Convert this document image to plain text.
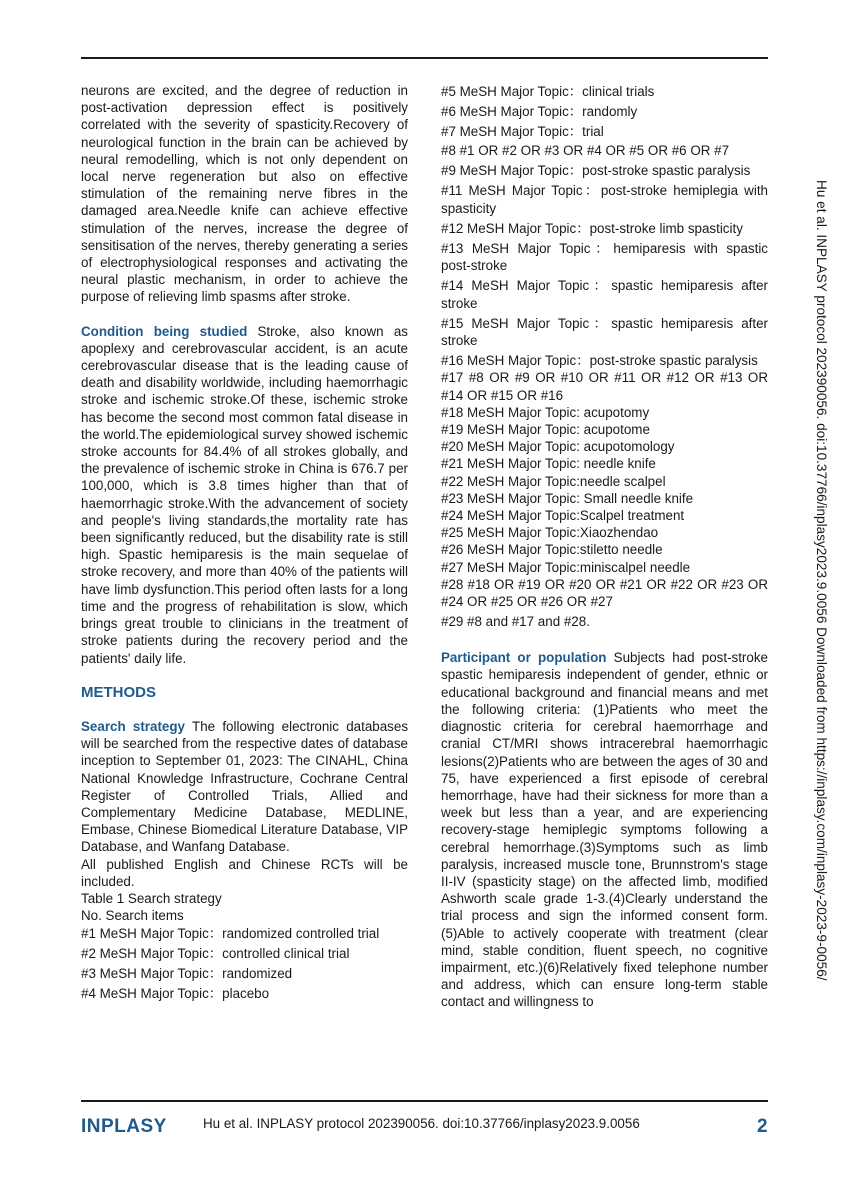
neurons are excited, and the degree of reduction in post-activation depression effect is positively correlated with the severity of spasticity.Recovery of neurological function in the brain can be achieved by neural remodelling, which is not only dependent on local nerve regeneration but also on effective stimulation of the remaining nerve fibres in the damaged area.Needle knife can achieve effective stimulation of the nerves, increase the degree of sensitisation of the nerves, thereby generating a series of electrophysiological responses and activating the neural plastic mechanism, in order to achieve the purpose of relieving limb spasms after stroke.

Condition being studied Stroke, also known as apoplexy and cerebrovascular accident, is an acute cerebrovascular disease that is the leading cause of death and disability worldwide, including haemorrhagic stroke and ischemic stroke.Of these, ischemic stroke has become the second most common fatal disease in the world.The epidemiological survey showed ischemic stroke accounts for 84.4% of all strokes globally, and the prevalence of ischemic stroke in China is 676.7 per 100,000, which is 3.8 times higher than that of haemorrhagic stroke.With the advancement of society and people's living standards,the mortality rate has been significantly reduced, but the disability rate is still high. Spastic hemiparesis is the main sequelae of stroke recovery, and more than 40% of the patients will have limb dysfunction.This period often lasts for a long time and the progress of rehabilitation is slow, which brings great trouble to clinicians in the treatment of stroke patients during the recovery period and the patients' daily life.

METHODS

Search strategy The following electronic databases will be searched from the respective dates of database inception to September 01, 2023: The CINAHL, China National Knowledge Infrastructure, Cochrane Central Register of Controlled Trials, Allied and Complementary Medicine Database, MEDLINE, Embase, Chinese Biomedical Literature Database, VIP Database, and Wanfang Database.

All published English and Chinese RCTs will be included.

Table 1 Search strategy

No. Search items

#1 MeSH Major Topic：randomized controlled trial

#2 MeSH Major Topic：controlled clinical trial

#3 MeSH Major Topic：randomized

#4 MeSH Major Topic：placebo

#5 MeSH Major Topic：clinical trials

#6 MeSH Major Topic：randomly

#7 MeSH Major Topic：trial

#8 #1 OR #2 OR #3 OR #4 OR #5 OR #6 OR #7

#9 MeSH Major Topic：post-stroke spastic paralysis

#11 MeSH Major Topic：post-stroke hemiplegia with spasticity

#12 MeSH Major Topic：post-stroke limb spasticity

#13 MeSH Major Topic：hemiparesis with spastic post-stroke

#14 MeSH Major Topic：spastic hemiparesis after stroke

#15 MeSH Major Topic：spastic hemiparesis after stroke

#16 MeSH Major Topic：post-stroke spastic paralysis

#17 #8 OR #9 OR #10 OR #11 OR #12 OR #13 OR #14 OR #15 OR #16

#18 MeSH Major Topic: acupotomy

#19 MeSH Major Topic: acupotome

#20 MeSH Major Topic: acupotomology

#21 MeSH Major Topic: needle knife

#22 MeSH Major Topic:needle scalpel

#23 MeSH Major Topic: Small needle knife

#24 MeSH Major Topic:Scalpel treatment

#25 MeSH Major Topic:Xiaozhendao

#26 MeSH Major Topic:stiletto needle

#27 MeSH Major Topic:miniscalpel needle

#28 #18 OR #19 OR #20 OR #21 OR #22 OR #23 OR #24 OR #25 OR #26 OR #27

#29 #8 and #17 and #28.

Participant or population Subjects had post-stroke spastic hemiparesis independent of gender, ethnic or educational background and financial means and met the following criteria: (1)Patients who meet the diagnostic criteria for cerebral haemorrhage and cranial CT/MRI shows intracerebral haemorrhagic lesions(2)Patients who are between the ages of 30 and 75, have experienced a first episode of cerebral hemorrhage, have had their sickness for more than a week but less than a year, and are experiencing recovery-stage hemiplegic symptoms following a cerebral hemorrhage.(3)Symptoms such as limb paralysis, increased muscle tone, Brunnstrom's stage II-IV (spasticity stage) on the affected limb, modified Ashworth scale grade 1-3.(4)Clearly understand the trial process and sign the informed consent form.(5)Able to actively cooperate with treatment (clear mind, stable condition, fluent speech, no cognitive impairment, etc.)(6)Relatively fixed telephone number and address, which can ensure long-term stable contact and willingness to

Hu et al. INPLASY protocol 202390056. doi:10.37766/inplasy2023.9.0056 Downloaded from https://inplasy.com/inplasy-2023-9-0056/
INPLASY	Hu et al. INPLASY protocol 202390056. doi:10.37766/inplasy2023.9.0056	2
